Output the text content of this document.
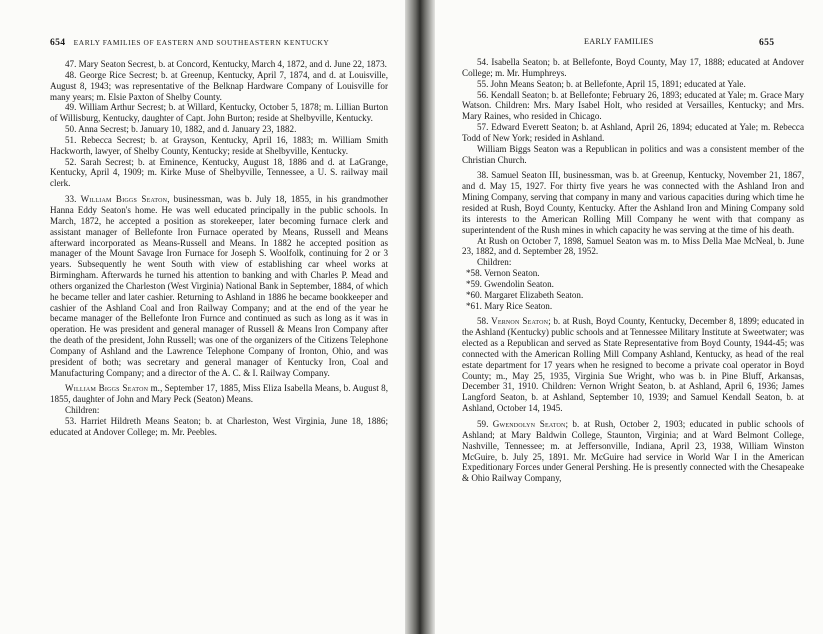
654 EARLY FAMILIES OF EASTERN AND SOUTHEASTERN KENTUCKY

47. Mary Seaton Secrest, b. at Concord, Kentucky, March 4, 1872, and d. June 22, 1873.

48. George Rice Secrest; b. at Greenup, Kentucky, April 7, 1874, and d. at Louisville, August 8, 1943; was representative of the Belknap Hardware Company of Louisville for many years; m. Elsie Paxton of Shelby County.

49. William Arthur Secrest; b. at Willard, Kentucky, October 5, 1878; m. Lillian Burton of Willisburg, Kentucky, daughter of Capt. John Burton; reside at Shelbyville, Kentucky.

50. Anna Secrest; b. January 10, 1882, and d. January 23, 1882.

51. Rebecca Secrest; b. at Grayson, Kentucky, April 16, 1883; m. William Smith Hackworth, lawyer, of Shelby County, Kentucky; reside at Shelbyville, Kentucky.

52. Sarah Secrest; b. at Eminence, Kentucky, August 18, 1886 and d. at LaGrange, Kentucky, April 4, 1909; m. Kirke Muse of Shelbyville, Tennessee, a U. S. railway mail clerk.

33. William Biggs Seaton, businessman, was b. July 18, 1855, in his grandmother Hanna Eddy Seaton's home. He was well educated principally in the public schools. In March, 1872, he accepted a position as storekeeper, later becoming furnace clerk and assistant manager of Bellefonte Iron Furnace operated by Means, Russell and Means afterward incorporated as Means-Russell and Means. In 1882 he accepted position as manager of the Mount Savage Iron Furnace for Joseph S. Woolfolk, continuing for 2 or 3 years. Subsequently he went South with view of establishing car wheel works at Birmingham. Afterwards he turned his attention to banking and with Charles P. Mead and others organized the Charleston (West Virginia) National Bank in September, 1884, of which he became teller and later cashier. Returning to Ashland in 1886 he became bookkeeper and cashier of the Ashland Coal and Iron Railway Company; and at the end of the year he became manager of the Bellefonte Iron Furnce and continued as such as long as it was in operation. He was president and general manager of Russell & Means Iron Company after the death of the president, John Russell; was one of the organizers of the Citizens Telephone Company of Ashland and the Lawrence Telephone Company of Ironton, Ohio, and was president of both; was secretary and general manager of Kentucky Iron, Coal and Manufacturing Company; and a director of the A. C. & I. Railway Company.

William Biggs Seaton m., September 17, 1885, Miss Eliza Isabella Means, b. August 8, 1855, daughter of John and Mary Peck (Seaton) Means.

Children:

53. Harriet Hildreth Means Seaton; b. at Charleston, West Virginia, June 18, 1886; educated at Andover College; m. Mr. Peebles.

EARLY FAMILIES	655

54. Isabella Seaton; b. at Bellefonte, Boyd County, May 17, 1888; educated at Andover College; m. Mr. Humphreys.

55. John Means Seaton; b. at Bellefonte, April 15, 1891; educated at Yale.

56. Kendall Seaton; b. at Bellefonte; February 26, 1893; educated at Yale; m. Grace Mary Watson. Children: Mrs. Mary Isabel Holt, who resided at Versailles, Kentucky; and Mrs. Mary Raines, who resided in Chicago.

57. Edward Everett Seaton; b. at Ashland, April 26, 1894; educated at Yale; m. Rebecca Todd of New York; resided in Ashland.

William Biggs Seaton was a Republican in politics and was a consistent member of the Christian Church.

38. Samuel Seaton III, businessman, was b. at Greenup, Kentucky, November 21, 1867, and d. May 15, 1927. For thirty five years he was connected with the Ashland Iron and Mining Company, serving that company in many and various capacities during which time he resided at Rush, Boyd County, Kentucky. After the Ashland Iron and Mining Company sold its interests to the American Rolling Mill Company he went with that company as superintendent of the Rush mines in which capacity he was serving at the time of his death.

At Rush on October 7, 1898, Samuel Seaton was m. to Miss Della Mae McNeal, b. June 23, 1882, and d. September 28, 1952.

Children:

*58. Vernon Seaton.

*59. Gwendolin Seaton.

*60. Margaret Elizabeth Seaton.

*61. Mary Rice Seaton.

58. Vernon Seaton; b. at Rush, Boyd County, Kentucky, December 8, 1899; educated in the Ashland (Kentucky) public schools and at Tennessee Military Institute at Sweetwater; was elected as a Republican and served as State Representative from Boyd County, 1944-45; was connected with the American Rolling Mill Company Ashland, Kentucky, as head of the real estate department for 17 years when he resigned to become a private coal operator in Boyd County; m., May 25, 1935, Virginia Sue Wright, who was b. in Pine Bluff, Arkansas, December 31, 1910. Children: Vernon Wright Seaton, b. at Ashland, April 6, 1936; James Langford Seaton, b. at Ashland, September 10, 1939; and Samuel Kendall Seaton, b. at Ashland, October 14, 1945.

59. Gwendolyn Seaton; b. at Rush, October 2, 1903; educated in public schools of Ashland; at Mary Baldwin College, Staunton, Virginia; and at Ward Belmont College, Nashville, Tennessee; m. at Jeffersonville, Indiana, April 23, 1938, William Winston McGuire, b. July 25, 1891. Mr. McGuire had service in World War I in the American Expeditionary Forces under General Pershing. He is presently connected with the Chesapeake & Ohio Railway Company,
